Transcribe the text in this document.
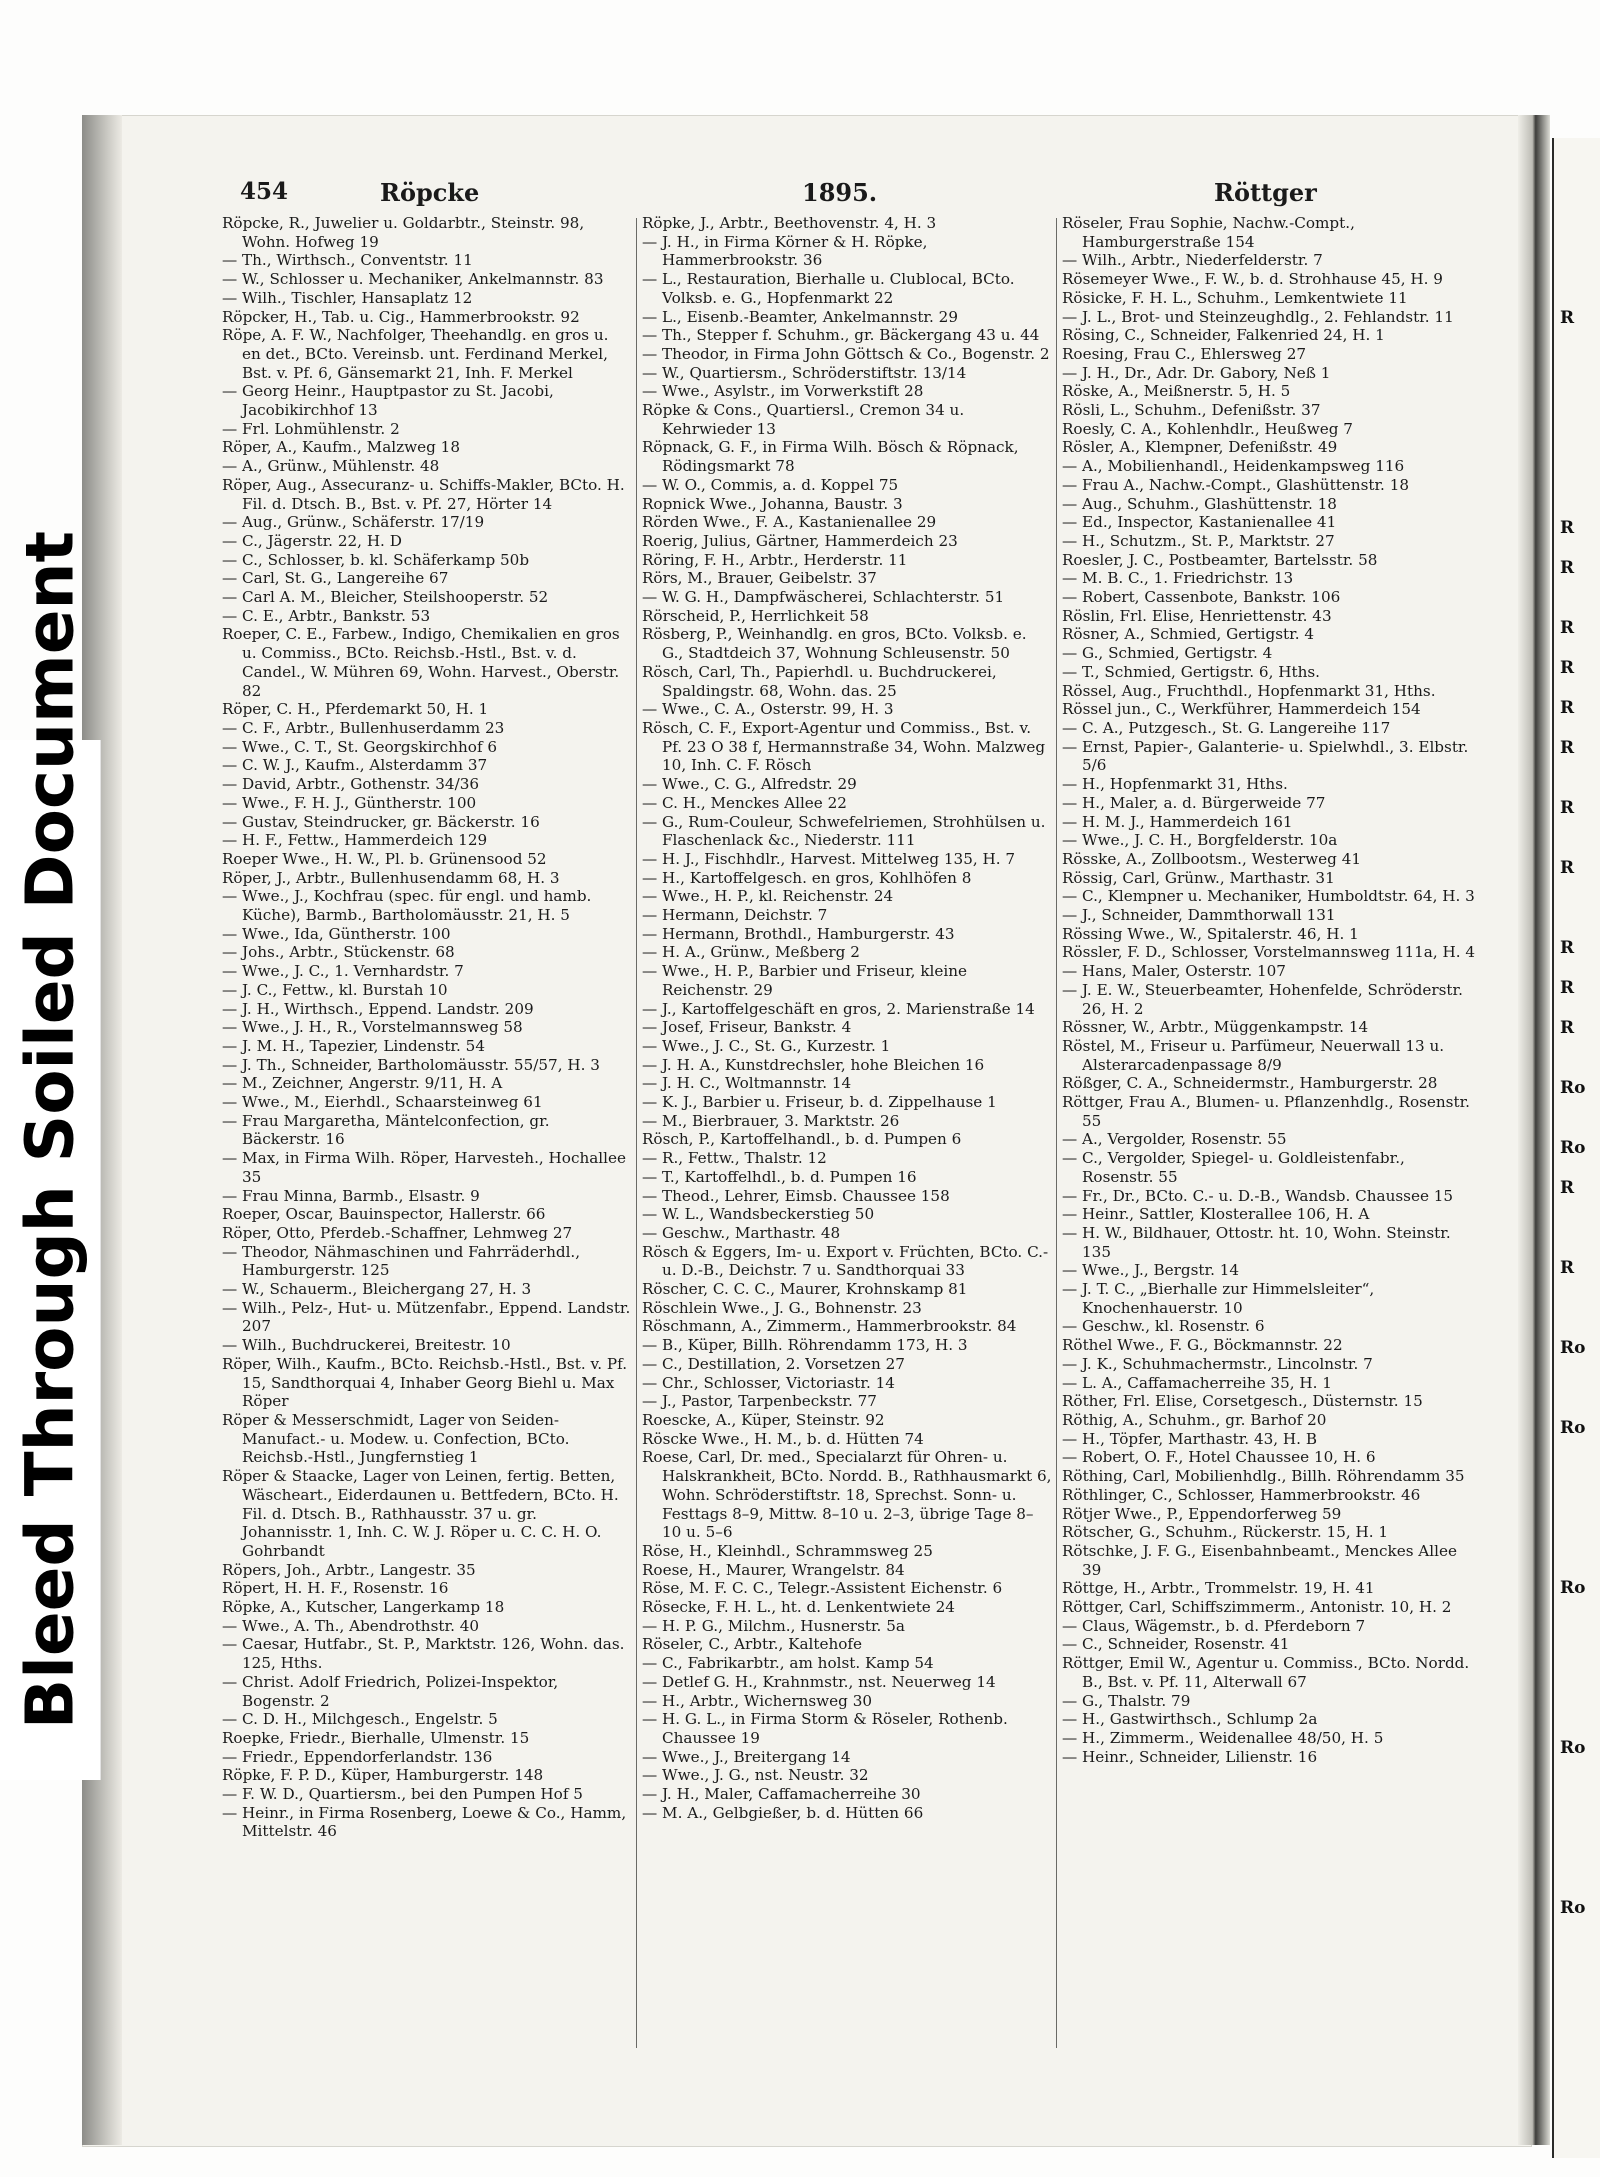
R
R
R
R
R
R
R
R
R
R
R
R
Ro
Ro
R
R
Ro
Ro
Ro
Ro
Ro
Bleed Through Soiled Document
454	Röpcke	1895.	Röttger

Röpcke, R., Juwelier u. Goldarbtr., Steinstr. 98, Wohn. Hofweg 19

— Th., Wirthsch., Conventstr. 11

— W., Schlosser u. Mechaniker, Ankelmannstr. 83

— Wilh., Tischler, Hansaplatz 12

Röpcker, H., Tab. u. Cig., Hammerbrookstr. 92

Röpe, A. F. W., Nachfolger, Theehandlg. en gros u. en det., BCto. Vereinsb. unt. Ferdinand Merkel, Bst. v. Pf. 6, Gänsemarkt 21, Inh. F. Merkel

— Georg Heinr., Hauptpastor zu St. Jacobi, Jacobikirchhof 13

— Frl. Lohmühlenstr. 2

Röper, A., Kaufm., Malzweg 18

— A., Grünw., Mühlenstr. 48

Röper, Aug., Assecuranz- u. Schiffs-Makler, BCto. H. Fil. d. Dtsch. B., Bst. v. Pf. 27, Hörter 14

— Aug., Grünw., Schäferstr. 17/19

— C., Jägerstr. 22, H. D

— C., Schlosser, b. kl. Schäferkamp 50b

— Carl, St. G., Langereihe 67

— Carl A. M., Bleicher, Steilshooperstr. 52

— C. E., Arbtr., Bankstr. 53

Roeper, C. E., Farbew., Indigo, Chemikalien en gros u. Commiss., BCto. Reichsb.-Hstl., Bst. v. d. Candel., W. Mühren 69, Wohn. Harvest., Oberstr. 82

Röper, C. H., Pferdemarkt 50, H. 1

— C. F., Arbtr., Bullenhuserdamm 23

— Wwe., C. T., St. Georgskirchhof 6

— C. W. J., Kaufm., Alsterdamm 37

— David, Arbtr., Gothenstr. 34/36

— Wwe., F. H. J., Güntherstr. 100

— Gustav, Steindrucker, gr. Bäckerstr. 16

— H. F., Fettw., Hammerdeich 129

Roeper Wwe., H. W., Pl. b. Grünensood 52

Röper, J., Arbtr., Bullenhusendamm 68, H. 3

— Wwe., J., Kochfrau (spec. für engl. und hamb. Küche), Barmb., Bartholomäusstr. 21, H. 5

— Wwe., Ida, Güntherstr. 100

— Johs., Arbtr., Stückenstr. 68

— Wwe., J. C., 1. Vernhardstr. 7

— J. C., Fettw., kl. Burstah 10

— J. H., Wirthsch., Eppend. Landstr. 209

— Wwe., J. H., R., Vorstelmannsweg 58

— J. M. H., Tapezier, Lindenstr. 54

— J. Th., Schneider, Bartholomäusstr. 55/57, H. 3

— M., Zeichner, Angerstr. 9/11, H. A

— Wwe., M., Eierhdl., Schaarsteinweg 61

— Frau Margaretha, Mäntelconfection, gr. Bäckerstr. 16

— Max, in Firma Wilh. Röper, Harvesteh., Hochallee 35

— Frau Minna, Barmb., Elsastr. 9

Roeper, Oscar, Bauinspector, Hallerstr. 66

Röper, Otto, Pferdeb.-Schaffner, Lehmweg 27

— Theodor, Nähmaschinen und Fahrräderhdl., Hamburgerstr. 125

— W., Schauerm., Bleichergang 27, H. 3

— Wilh., Pelz-, Hut- u. Mützenfabr., Eppend. Landstr. 207

— Wilh., Buchdruckerei, Breitestr. 10

Röper, Wilh., Kaufm., BCto. Reichsb.-Hstl., Bst. v. Pf. 15, Sandthorquai 4, Inhaber Georg Biehl u. Max Röper

Röper & Messerschmidt, Lager von Seiden-Manufact.- u. Modew. u. Confection, BCto. Reichsb.-Hstl., Jungfernstieg 1

Röper & Staacke, Lager von Leinen, fertig. Betten, Wäscheart., Eiderdaunen u. Bettfedern, BCto. H. Fil. d. Dtsch. B., Rathhausstr. 37 u. gr. Johannisstr. 1, Inh. C. W. J. Röper u. C. C. H. O. Gohrbandt

Röpers, Joh., Arbtr., Langestr. 35

Röpert, H. H. F., Rosenstr. 16

Röpke, A., Kutscher, Langerkamp 18

— Wwe., A. Th., Abendrothstr. 40

— Caesar, Hutfabr., St. P., Marktstr. 126, Wohn. das. 125, Hths.

— Christ. Adolf Friedrich, Polizei-Inspektor, Bogenstr. 2

— C. D. H., Milchgesch., Engelstr. 5

Roepke, Friedr., Bierhalle, Ulmenstr. 15

— Friedr., Eppendorferlandstr. 136

Röpke, F. P. D., Küper, Hamburgerstr. 148

— F. W. D., Quartiersm., bei den Pumpen Hof 5

— Heinr., in Firma Rosenberg, Loewe & Co., Hamm, Mittelstr. 46

Röpke, J., Arbtr., Beethovenstr. 4, H. 3

— J. H., in Firma Körner & H. Röpke, Hammerbrookstr. 36

— L., Restauration, Bierhalle u. Clublocal, BCto. Volksb. e. G., Hopfenmarkt 22

— L., Eisenb.-Beamter, Ankelmannstr. 29

— Th., Stepper f. Schuhm., gr. Bäckergang 43 u. 44

— Theodor, in Firma John Göttsch & Co., Bogenstr. 2

— W., Quartiersm., Schröderstiftstr. 13/14

— Wwe., Asylstr., im Vorwerkstift 28

Röpke & Cons., Quartiersl., Cremon 34 u. Kehrwieder 13

Röpnack, G. F., in Firma Wilh. Bösch & Röpnack, Rödingsmarkt 78

— W. O., Commis, a. d. Koppel 75

Ropnick Wwe., Johanna, Baustr. 3

Rörden Wwe., F. A., Kastanienallee 29

Roerig, Julius, Gärtner, Hammerdeich 23

Röring, F. H., Arbtr., Herderstr. 11

Rörs, M., Brauer, Geibelstr. 37

— W. G. H., Dampfwäscherei, Schlachterstr. 51

Rörscheid, P., Herrlichkeit 58

Rösberg, P., Weinhandlg. en gros, BCto. Volksb. e. G., Stadtdeich 37, Wohnung Schleusenstr. 50

Rösch, Carl, Th., Papierhdl. u. Buchdruckerei, Spaldingstr. 68, Wohn. das. 25

— Wwe., C. A., Osterstr. 99, H. 3

Rösch, C. F., Export-Agentur und Commiss., Bst. v. Pf. 23 O 38 f, Hermannstraße 34, Wohn. Malzweg 10, Inh. C. F. Rösch

— Wwe., C. G., Alfredstr. 29

— C. H., Menckes Allee 22

— G., Rum-Couleur, Schwefelriemen, Strohhülsen u. Flaschenlack &c., Niederstr. 111

— H. J., Fischhdlr., Harvest. Mittelweg 135, H. 7

— H., Kartoffelgesch. en gros, Kohlhöfen 8

— Wwe., H. P., kl. Reichenstr. 24

— Hermann, Deichstr. 7

— Hermann, Brothdl., Hamburgerstr. 43

— H. A., Grünw., Meßberg 2

— Wwe., H. P., Barbier und Friseur, kleine Reichenstr. 29

— J., Kartoffelgeschäft en gros, 2. Marienstraße 14

— Josef, Friseur, Bankstr. 4

— Wwe., J. C., St. G., Kurzestr. 1

— J. H. A., Kunstdrechsler, hohe Bleichen 16

— J. H. C., Woltmannstr. 14

— K. J., Barbier u. Friseur, b. d. Zippelhause 1

— M., Bierbrauer, 3. Marktstr. 26

Rösch, P., Kartoffelhandl., b. d. Pumpen 6

— R., Fettw., Thalstr. 12

— T., Kartoffelhdl., b. d. Pumpen 16

— Theod., Lehrer, Eimsb. Chaussee 158

— W. L., Wandsbeckerstieg 50

— Geschw., Marthastr. 48

Rösch & Eggers, Im- u. Export v. Früchten, BCto. C.- u. D.-B., Deichstr. 7 u. Sandthorquai 33

Röscher, C. C. C., Maurer, Krohnskamp 81

Röschlein Wwe., J. G., Bohnenstr. 23

Röschmann, A., Zimmerm., Hammerbrookstr. 84

— B., Küper, Billh. Röhrendamm 173, H. 3

— C., Destillation, 2. Vorsetzen 27

— Chr., Schlosser, Victoriastr. 14

— J., Pastor, Tarpenbeckstr. 77

Roescke, A., Küper, Steinstr. 92

Röscke Wwe., H. M., b. d. Hütten 74

Roese, Carl, Dr. med., Specialarzt für Ohren- u. Halskrankheit, BCto. Nordd. B., Rathhausmarkt 6, Wohn. Schröderstiftstr. 18, Sprechst. Sonn- u. Festtags 8–9, Mittw. 8–10 u. 2–3, übrige Tage 8–10 u. 5–6

Röse, H., Kleinhdl., Schrammsweg 25

Roese, H., Maurer, Wrangelstr. 84

Röse, M. F. C. C., Telegr.-Assistent Eichenstr. 6

Rösecke, F. H. L., ht. d. Lenkentwiete 24

— H. P. G., Milchm., Husnerstr. 5a

Röseler, C., Arbtr., Kaltehofe

— C., Fabrikarbtr., am holst. Kamp 54

— Detlef G. H., Krahnmstr., nst. Neuerweg 14

— H., Arbtr., Wichernsweg 30

— H. G. L., in Firma Storm & Röseler, Rothenb. Chaussee 19

— Wwe., J., Breitergang 14

— Wwe., J. G., nst. Neustr. 32

— J. H., Maler, Caffamacherreihe 30

— M. A., Gelbgießer, b. d. Hütten 66

Röseler, Frau Sophie, Nachw.-Compt., Hamburgerstraße 154

— Wilh., Arbtr., Niederfelderstr. 7

Rösemeyer Wwe., F. W., b. d. Strohhause 45, H. 9

Rösicke, F. H. L., Schuhm., Lemkentwiete 11

— J. L., Brot- und Steinzeughdlg., 2. Fehlandstr. 11

Rösing, C., Schneider, Falkenried 24, H. 1

Roesing, Frau C., Ehlersweg 27

— J. H., Dr., Adr. Dr. Gabory, Neß 1

Röske, A., Meißnerstr. 5, H. 5

Rösli, L., Schuhm., Defenißstr. 37

Roesly, C. A., Kohlenhdlr., Heußweg 7

Rösler, A., Klempner, Defenißstr. 49

— A., Mobilienhandl., Heidenkampsweg 116

— Frau A., Nachw.-Compt., Glashüttenstr. 18

— Aug., Schuhm., Glashüttenstr. 18

— Ed., Inspector, Kastanienallee 41

— H., Schutzm., St. P., Marktstr. 27

Roesler, J. C., Postbeamter, Bartelsstr. 58

— M. B. C., 1. Friedrichstr. 13

— Robert, Cassenbote, Bankstr. 106

Röslin, Frl. Elise, Henriettenstr. 43

Rösner, A., Schmied, Gertigstr. 4

— G., Schmied, Gertigstr. 4

— T., Schmied, Gertigstr. 6, Hths.

Rössel, Aug., Fruchthdl., Hopfenmarkt 31, Hths.

Rössel jun., C., Werkführer, Hammerdeich 154

— C. A., Putzgesch., St. G. Langereihe 117

— Ernst, Papier-, Galanterie- u. Spielwhdl., 3. Elbstr. 5/6

— H., Hopfenmarkt 31, Hths.

— H., Maler, a. d. Bürgerweide 77

— H. M. J., Hammerdeich 161

— Wwe., J. C. H., Borgfelderstr. 10a

Rösske, A., Zollbootsm., Westerweg 41

Rössig, Carl, Grünw., Marthastr. 31

— C., Klempner u. Mechaniker, Humboldtstr. 64, H. 3

— J., Schneider, Dammthorwall 131

Rössing Wwe., W., Spitalerstr. 46, H. 1

Rössler, F. D., Schlosser, Vorstelmannsweg 111a, H. 4

— Hans, Maler, Osterstr. 107

— J. E. W., Steuerbeamter, Hohenfelde, Schröderstr. 26, H. 2

Rössner, W., Arbtr., Müggenkampstr. 14

Röstel, M., Friseur u. Parfümeur, Neuerwall 13 u. Alsterarcadenpassage 8/9

Rößger, C. A., Schneidermstr., Hamburgerstr. 28

Röttger, Frau A., Blumen- u. Pflanzenhdlg., Rosenstr. 55

— A., Vergolder, Rosenstr. 55

— C., Vergolder, Spiegel- u. Goldleistenfabr., Rosenstr. 55

— Fr., Dr., BCto. C.- u. D.-B., Wandsb. Chaussee 15

— Heinr., Sattler, Klosterallee 106, H. A

— H. W., Bildhauer, Ottostr. ht. 10, Wohn. Steinstr. 135

— Wwe., J., Bergstr. 14

— J. T. C., „Bierhalle zur Himmelsleiter“, Knochenhauerstr. 10

— Geschw., kl. Rosenstr. 6

Röthel Wwe., F. G., Böckmannstr. 22

— J. K., Schuhmachermstr., Lincolnstr. 7

— L. A., Caffamacherreihe 35, H. 1

Röther, Frl. Elise, Corsetgesch., Düsternstr. 15

Röthig, A., Schuhm., gr. Barhof 20

— H., Töpfer, Marthastr. 43, H. B

— Robert, O. F., Hotel Chaussee 10, H. 6

Röthing, Carl, Mobilienhdlg., Billh. Röhrendamm 35

Röthlinger, C., Schlosser, Hammerbrookstr. 46

Rötjer Wwe., P., Eppendorferweg 59

Rötscher, G., Schuhm., Rückerstr. 15, H. 1

Rötschke, J. F. G., Eisenbahnbeamt., Menckes Allee 39

Röttge, H., Arbtr., Trommelstr. 19, H. 41

Röttger, Carl, Schiffszimmerm., Antonistr. 10, H. 2

— Claus, Wägemstr., b. d. Pferdeborn 7

— C., Schneider, Rosenstr. 41

Röttger, Emil W., Agentur u. Commiss., BCto. Nordd. B., Bst. v. Pf. 11, Alterwall 67

— G., Thalstr. 79

— H., Gastwirthsch., Schlump 2a

— H., Zimmerm., Weidenallee 48/50, H. 5

— Heinr., Schneider, Lilienstr. 16
